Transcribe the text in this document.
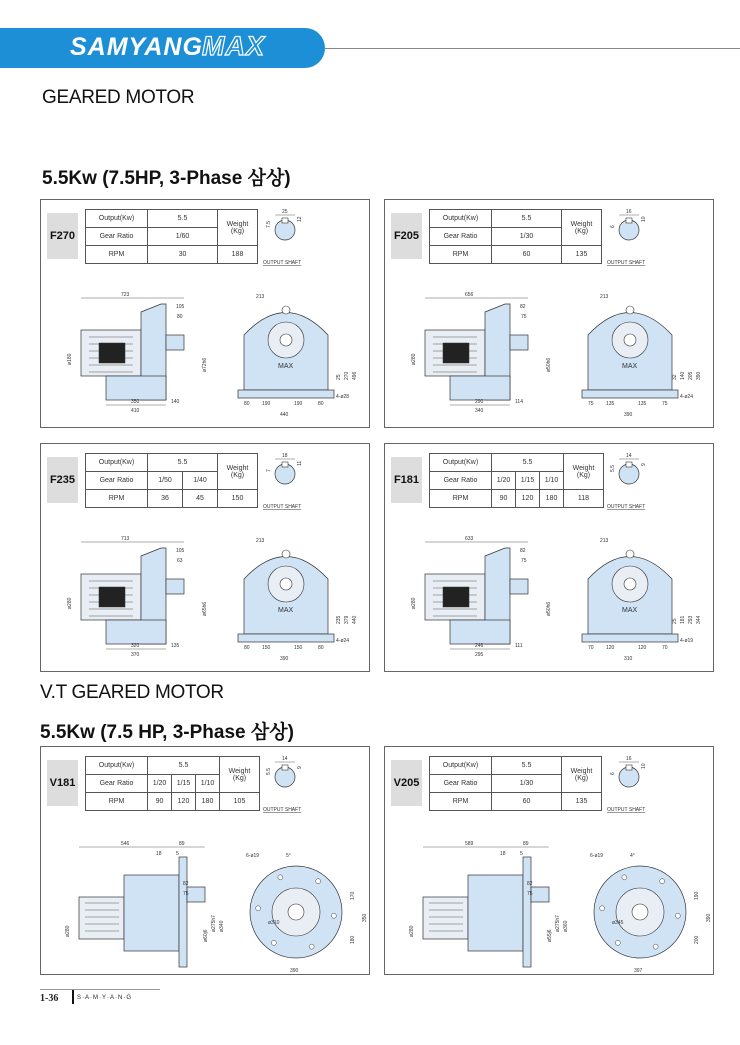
SAMYANG MAX
GEARED MOTOR
5.5Kw (7.5HP, 3-Phase 삼상)
V.T GEARED MOTOR
5.5Kw (7.5 HP, 3-Phase 삼상)
F270
Output(Kw)	5.5	Weight
(Kg)
Gear Ratio	1/60	
RPM	30	188
25
7.5
12
OUTPUT SHAFT
723
105
80
ø180	ø72h6
350	140
410
MAX
213
496
270
25
80 190	190	80
4-ø28
440
F205
Output(Kw)	5.5	Weight
(Kg)
Gear Ratio	1/30	
RPM	60	135
16
6
10
OUTPUT SHAFT
656
82
75
ø280	ø50h6
290	114
340
MAX
213
390
205
140
32
75 135	135	75
4-ø24
390
F235
Output(Kw)	5.5		Weight
(Kg)
Gear Ratio	1/50	1/40	
RPM	36	45	150
18
7
11
OUTPUT SHAFT
713
105
63
ø280	ø65h6
320	135
370
MAX
213
440
379
235
80 150	150	80
4-ø24
390
F181
Output(Kw)	5.5			Weight
(Kg)
Gear Ratio	1/20	1/15	1/10	
RPM	90	120	180	118
14
5.5
9
OUTPUT SHAFT
633
82
75
ø280	ø50h6
246	111
295
MAX
213
344
293
181
25
70 120	120	70
4-ø19
310
V181
Output(Kw)	5.5			Weight
(Kg)
Gear Ratio	1/20	1/15	1/10	
RPM	90	120	180	105
14
5.5
9
OUTPUT SHAFT
546	89
18	5
82
75
ø280	ø60j6
ø275h7 ø340
6-ø19	5°
ø310
170
350
180
390
V205
Output(Kw)	5.5	Weight
(Kg)
Gear Ratio	1/30	
RPM	60	135
16
6
10
OUTPUT SHAFT
589	89
18	5
82
75
ø280	ø55j6
ø275h7 ø360
6-ø19	4°
ø345
190
390
200
397
1-36	S·A·M·Y·A·N·G
